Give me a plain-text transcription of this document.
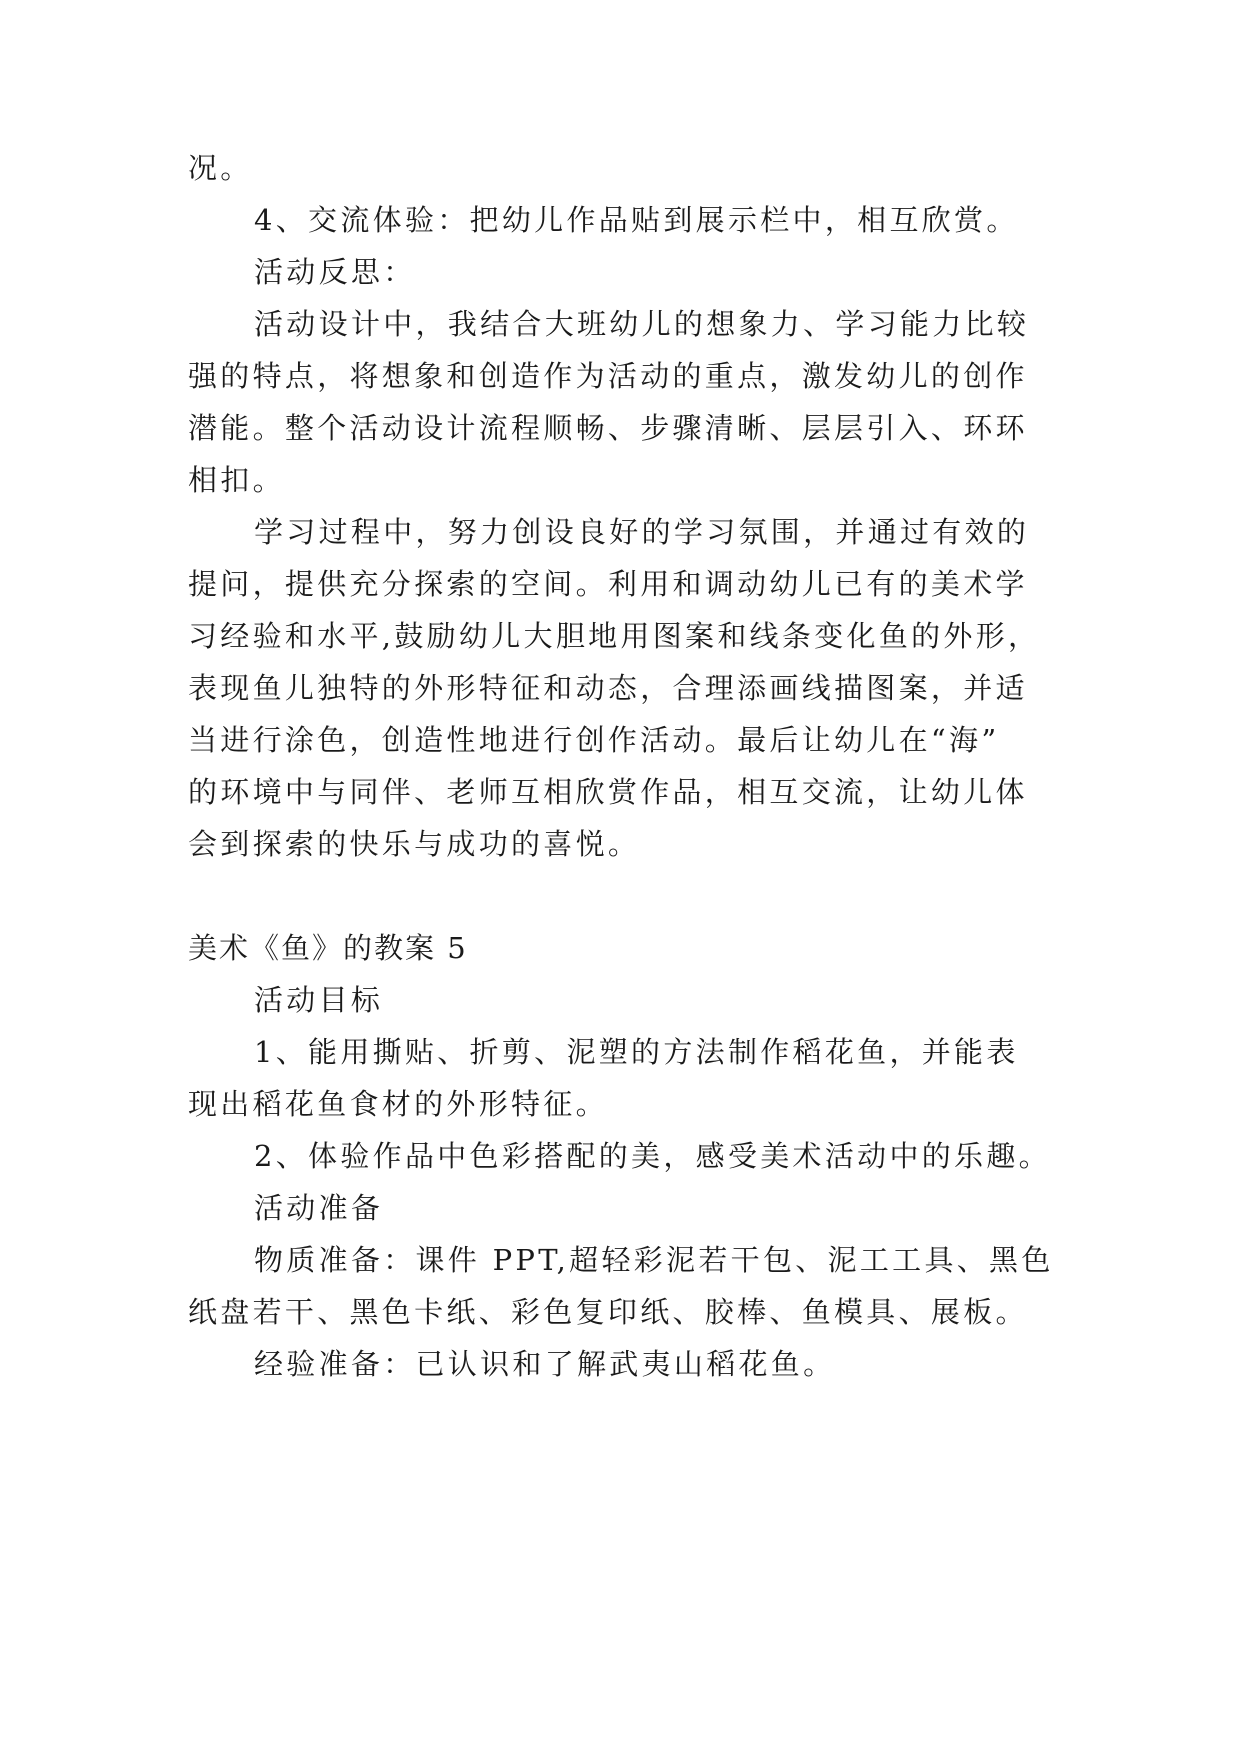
况。
4、交流体验：把幼儿作品贴到展示栏中，相互欣赏。
活动反思：
活动设计中，我结合大班幼儿的想象力、学习能力比较
强的特点，将想象和创造作为活动的重点，激发幼儿的创作
潜能。整个活动设计流程顺畅、步骤清晰、层层引入、环环
相扣。
学习过程中，努力创设良好的学习氛围，并通过有效的
提问，提供充分探索的空间。利用和调动幼儿已有的美术学
习经验和水平,鼓励幼儿大胆地用图案和线条变化鱼的外形，
表现鱼儿独特的外形特征和动态，合理添画线描图案，并适
当进行涂色，创造性地进行创作活动。最后让幼儿在“海”
的环境中与同伴、老师互相欣赏作品，相互交流，让幼儿体
会到探索的快乐与成功的喜悦。
美术《鱼》的教案 5
活动目标
1、能用撕贴、折剪、泥塑的方法制作稻花鱼，并能表
现出稻花鱼食材的外形特征。
2、体验作品中色彩搭配的美，感受美术活动中的乐趣。
活动准备
物质准备：课件 PPT,超轻彩泥若干包、泥工工具、黑色
纸盘若干、黑色卡纸、彩色复印纸、胶棒、鱼模具、展板。
经验准备：已认识和了解武夷山稻花鱼。
